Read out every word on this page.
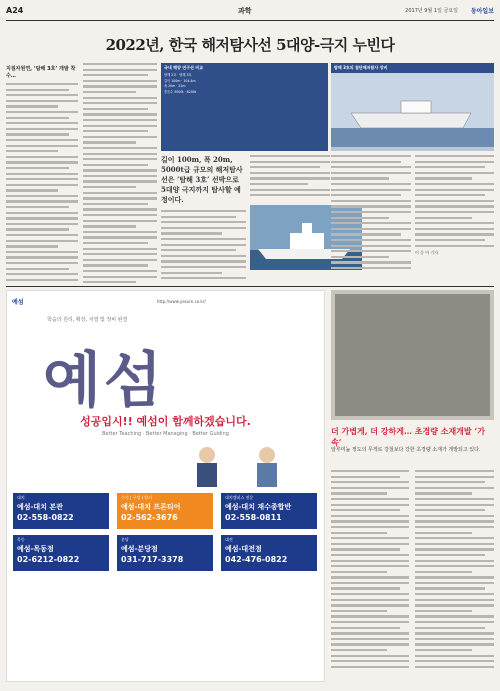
A24	과학	2017년 9월 1일 금요일 동아일보
2022년, 한국 해저탐사선 5대양-극지 누빈다
지질자원연, ‘탐해 3호’ 개발 착수…
국내 해양 연구선 비교
탐해 2호 · 탐해 3호
길이 100m · 104.4m
폭 20m · 22m
총톤수 5000t · 6200t
탐해 3호의 첨단해저탐사 장비
길이 100m, 폭 20m, 5000t급 규모의 해저탐사선은 ‘탐해 3호’ 선박으로 5대양 극지까지 탐사할 예정이다.
이 동 아 기자
예섬	http://www.yesum.co.kr/
학습의 원리, 확장, 치열 및 정비 완결
예섬
성공입시!! 예섬이 함께하겠습니다.
Better Teaching · Better Managing · Better Guiding
대치
예섬-대치 본관
02-558-0822
수지 | 구성 | 양지
예섬-대치 프론티어
02-562-3676
대치캠퍼스 전문
예섬-대치 재수종합반
02-558-0811
목동
예섬-목동점
02-6212-0822
분당
예섬-분당점
031-717-3378
대전
예섬-대전점
042-476-0822
더 가볍게, 더 강하게… 초경량 소재개발 ‘가속’
알루미늄 정도의 무게로 강철보다 강한 초경량 소재가 개발되고 있다.
